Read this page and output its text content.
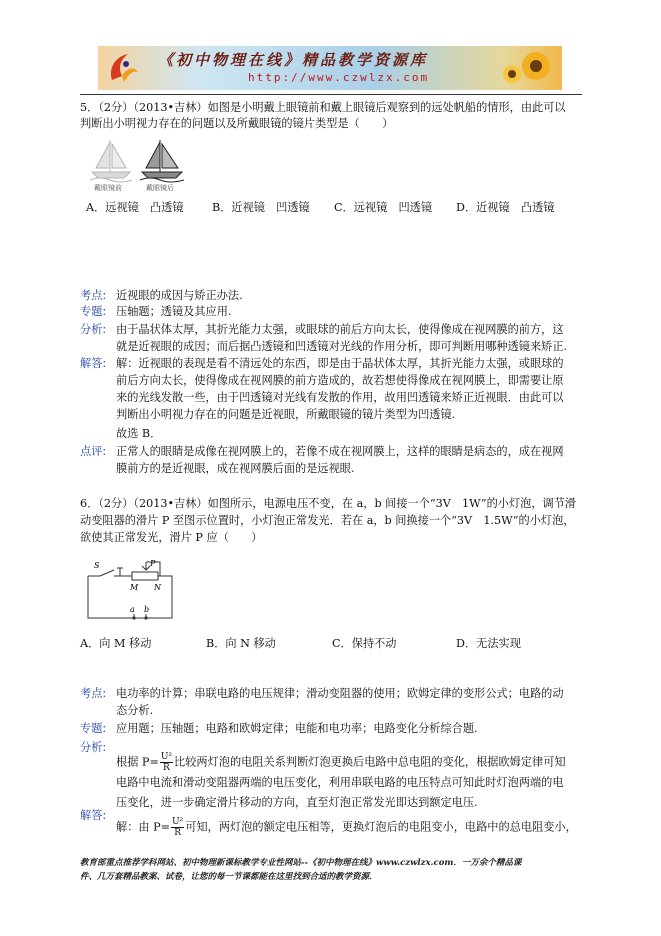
《初中物理在线》精品教学资源库
http://www.czwlzx.com
5．（2分）（2013•吉林）如图是小明戴上眼镜前和戴上眼镜后观察到的远处帆船的情形，由此可以
判断出小明视力存在的问题以及所戴眼镜的镜片类型是（　　）
戴眼镜前	戴眼镜后
A．远视镜　凸透镜	B．近视镜　凹透镜 C．远视镜　凹透镜 D．近视镜　凸透镜
考点: 近视眼的成因与矫正办法.
专题: 压轴题；透镜及其应用.
分析: 由于晶状体太厚，其折光能力太强，或眼球的前后方向太长，使得像成在视网膜的前方，这
就是近视眼的成因；而后据凸透镜和凹透镜对光线的作用分析，即可判断用哪种透镜来矫正.
解答: 解：近视眼的表现是看不清远处的东西，即是由于晶状体太厚，其折光能力太强，或眼球的
前后方向太长，使得像成在视网膜的前方造成的，故若想使得像成在视网膜上，即需要让原
来的光线发散一些，由于凹透镜对光线有发散的作用，故用凹透镜来矫正近视眼．由此可以
判断出小明视力存在的问题是近视眼，所戴眼镜的镜片类型为凹透镜.
故选 B．
点评: 正常人的眼睛是成像在视网膜上的，若像不成在视网膜上，这样的眼睛是病态的，成在视网
膜前方的是近视眼，成在视网膜后面的是远视眼.
6．（2分）（2013•吉林）如图所示，电源电压不变，在 a，b 间接一个“3V　1W”的小灯泡，调节滑
动变阻器的滑片 P 至图示位置时，小灯泡正常发光．若在 a，b 间换接一个“3V　1.5W”的小灯泡，
欲使其正常发光，滑片 P 应（　　）
S	P
M N
a b
A．向 M 移动	B．向 N 移动	C．保持不动	D．无法实现
考点: 电功率的计算；串联电路的电压规律；滑动变阻器的使用；欧姆定律的变形公式；电路的动
态分析.
专题: 应用题；压轴题；电路和欧姆定律；电能和电功率；电路变化分析综合题.
分析:
根据 $P= \frac{\text{U²}}{R}$ 比较两灯泡的电阻关系判断灯泡更换后电路中总电阻的变化，根据欧姆定律可知
电路中电流和滑动变阻器两端的电压变化，利用串联电路的电压特点可知此时灯泡两端的电
压变化，进一步确定滑片移动的方向，直至灯泡正常发光即达到额定电压.
解答:
解：由 $P= \frac{\text{U²}}{R}$ 可知，两灯泡的额定电压相等，更换灯泡后的电阻变小，电路中的总电阻变小，
教育部重点推荐学科网站、初中物理新课标教学专业性网站--《初中物理在线》www.czwlzx.com．一万余个精品课
件、几万套精品教案、试卷，让您的每一节课都能在这里找到合适的教学资源．
